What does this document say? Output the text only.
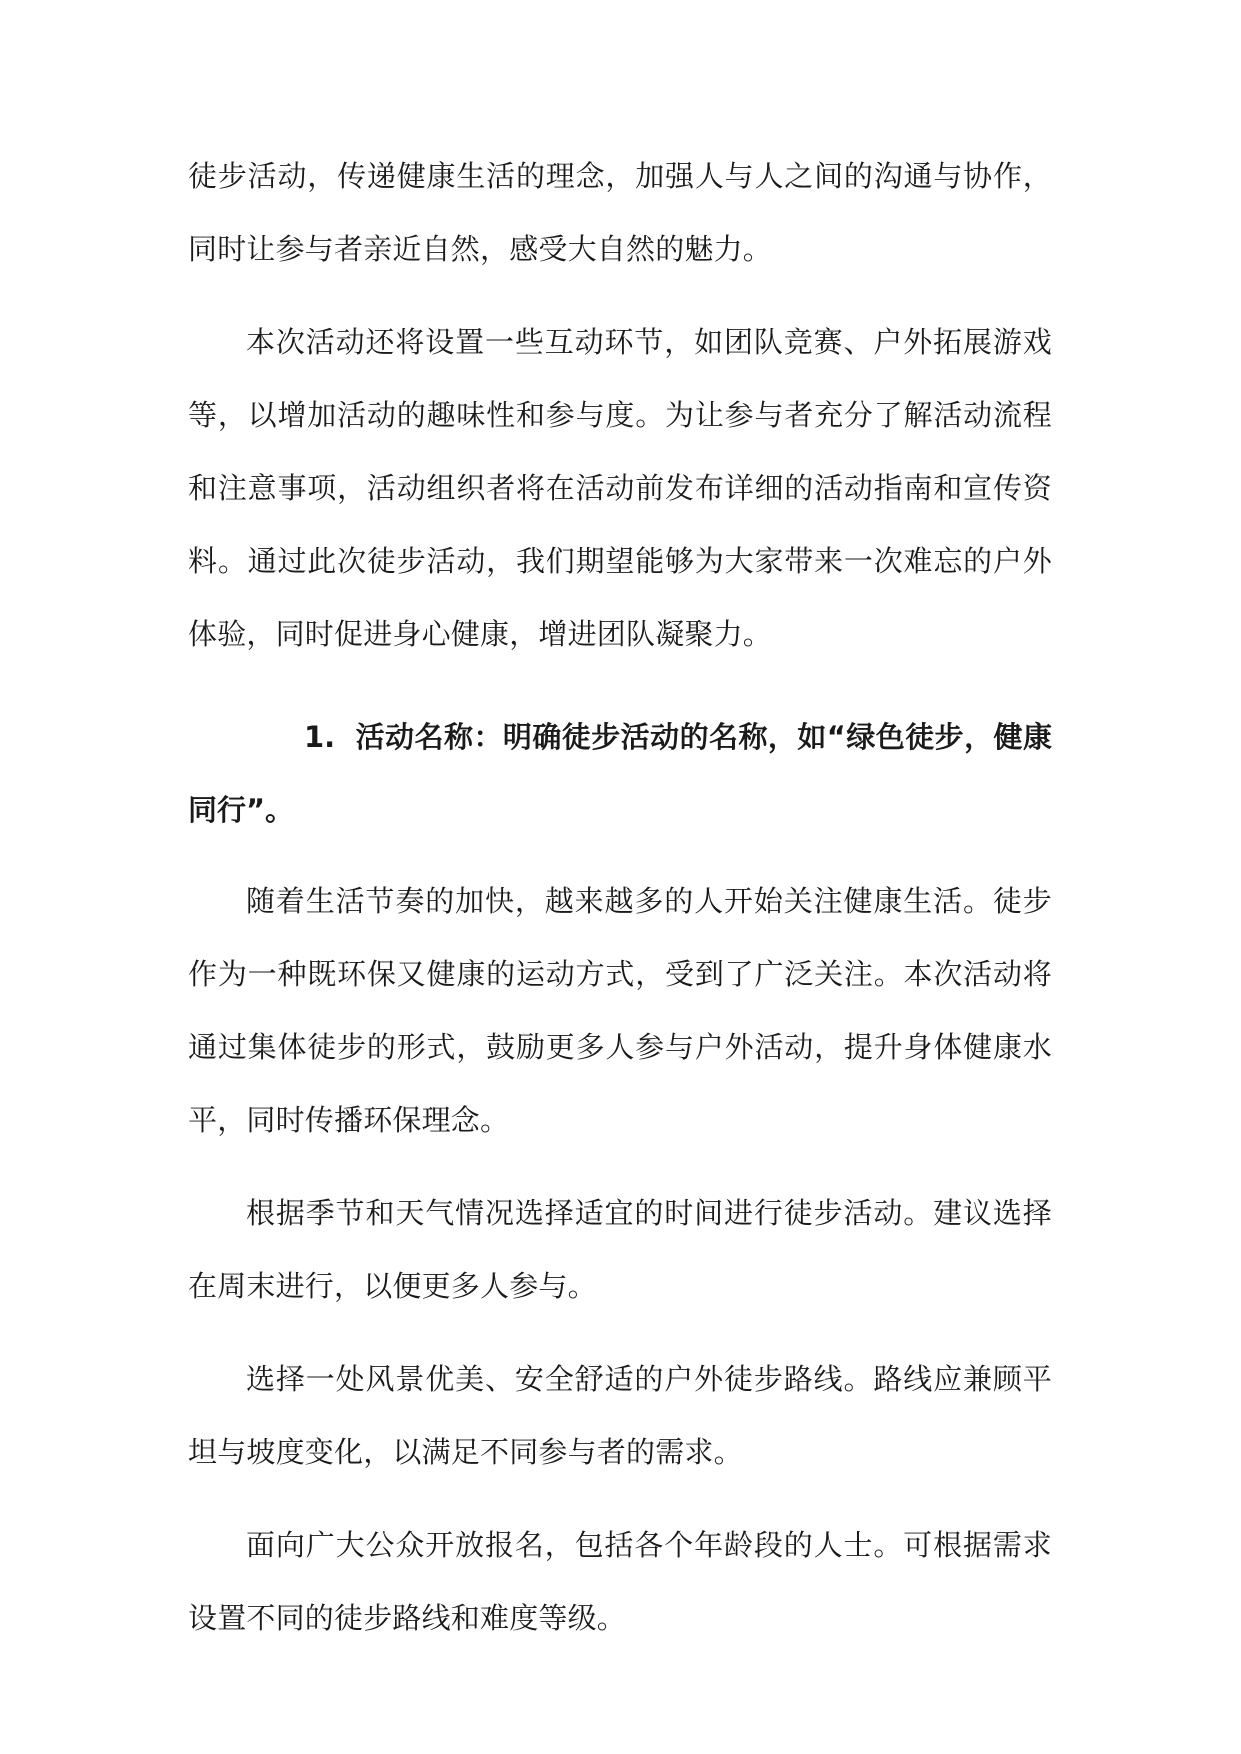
徒步活动，传递健康生活的理念，加强人与人之间的沟通与协作，同时让参与者亲近自然，感受大自然的魅力。

本次活动还将设置一些互动环节，如团队竞赛、户外拓展游戏等，以增加活动的趣味性和参与度。为让参与者充分了解活动流程和注意事项，活动组织者将在活动前发布详细的活动指南和宣传资料。通过此次徒步活动，我们期望能够为大家带来一次难忘的户外体验，同时促进身心健康，增进团队凝聚力。

1. 活动名称：明确徒步活动的名称，如“绿色徒步，健康同行”。

随着生活节奏的加快，越来越多的人开始关注健康生活。徒步作为一种既环保又健康的运动方式，受到了广泛关注。本次活动将通过集体徒步的形式，鼓励更多人参与户外活动，提升身体健康水平，同时传播环保理念。

根据季节和天气情况选择适宜的时间进行徒步活动。建议选择在周末进行，以便更多人参与。

选择一处风景优美、安全舒适的户外徒步路线。路线应兼顾平坦与坡度变化，以满足不同参与者的需求。

面向广大公众开放报名，包括各个年龄段的人士。可根据需求设置不同的徒步路线和难度等级。
